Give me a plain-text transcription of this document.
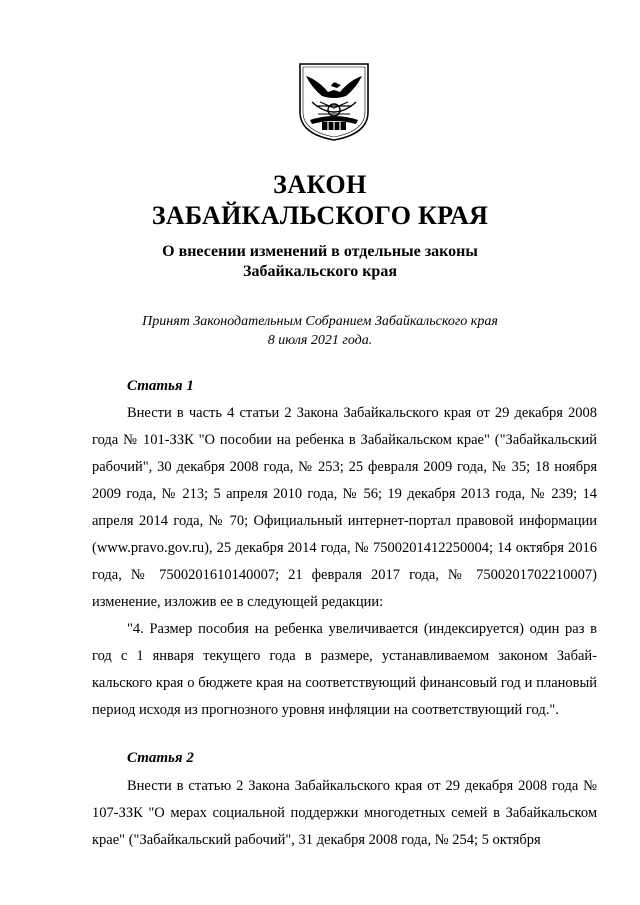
ЗАКОН
ЗАБАЙКАЛЬСКОГО КРАЯ
О внесении изменений в отдельные законы
Забайкальского края
Принят Законодательным Собранием Забайкальского края
8 июля 2021 года.
Статья 1

Внести в часть 4 статьи 2 Закона Забайкальского края от 29 декабря 2008 года № 101-ЗЗК "О пособии на ребенка в Забайкальском крае" ("Забайкальский рабочий", 30 декабря 2008 года, № 253; 25 февраля 2009 года, № 35; 18 ноября 2009 года, № 213; 5 апреля 2010 года, № 56; 19 декабря 2013 года, № 239; 14 апреля 2014 года, № 70; Официальный интернет-портал правовой информации (www.pravo.gov.ru), 25 декабря 2014 года, № 7500201412250004; 14 октября 2016 года, № 7500201610140007; 21 февраля 2017 года, № 7500201702210007) изменение, изложив ее в следующей редакции:

"4. Размер пособия на ребенка увеличивается (индексируется) один раз в год с 1 января текущего года в размере, устанавливаемом законом Забайкальского края о бюджете края на соответствующий финансовый год и плановый период исходя из прогнозного уровня инфляции на соответствующий год.".

Статья 2

Внести в статью 2 Закона Забайкальского края от 29 декабря 2008 года № 107-ЗЗК "О мерах социальной поддержки многодетных семей в Забайкальском крае" ("Забайкальский рабочий", 31 декабря 2008 года, № 254; 5 октября
